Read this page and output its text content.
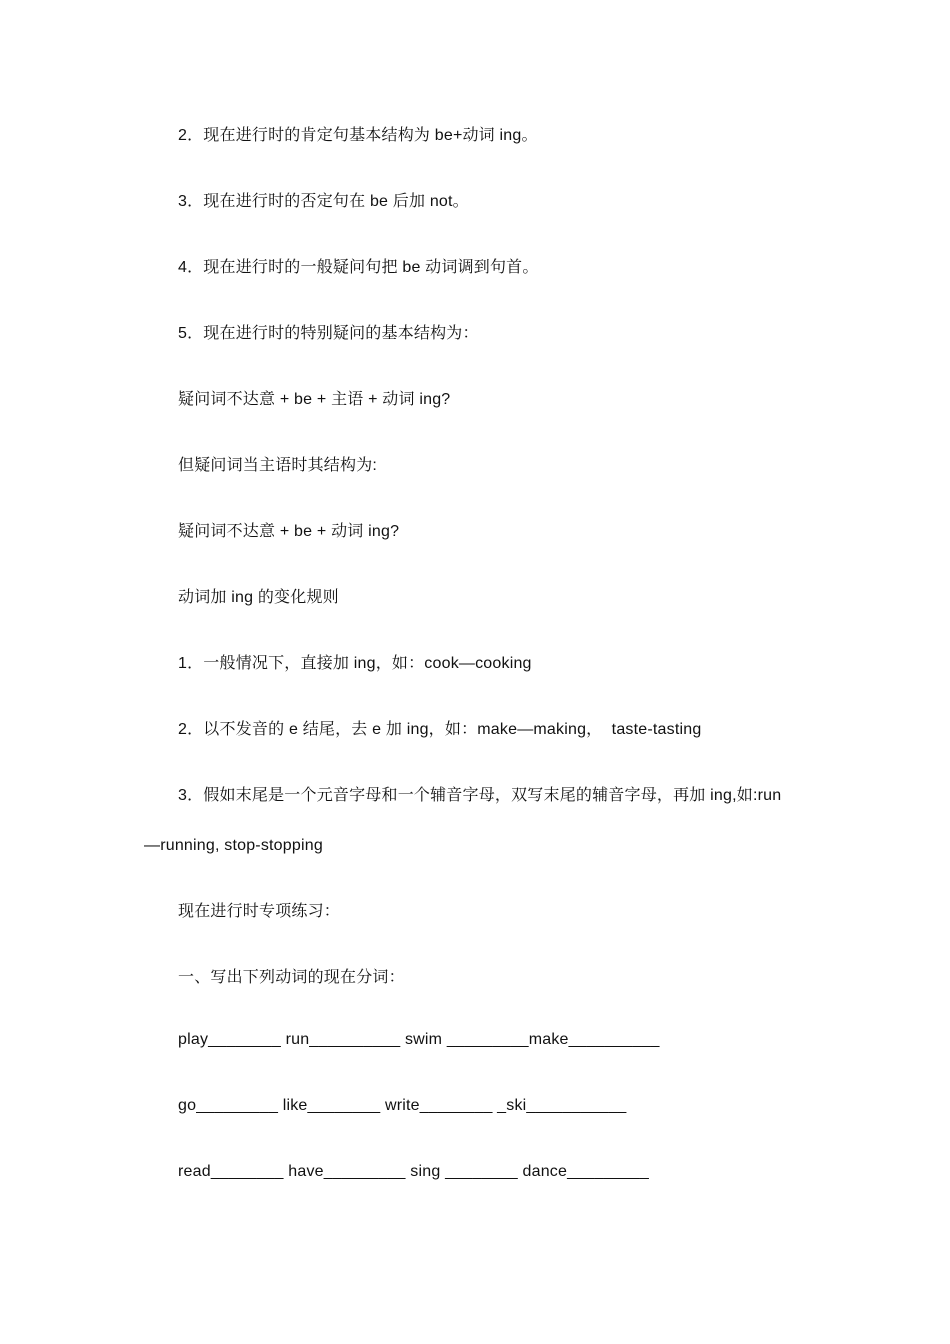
2．现在进行时的肯定句基本结构为 be+动词 ing。
3．现在进行时的否定句在 be 后加 not。
4．现在进行时的一般疑问句把 be 动词调到句首。
5．现在进行时的特别疑问的基本结构为：
疑问词不达意 + be + 主语 + 动词 ing?
但疑问词当主语时其结构为:
疑问词不达意 + be + 动词 ing?
动词加 ing 的变化规则
1．一般情况下，直接加 ing，如：cook—cooking
2．以不发音的 e 结尾，去 e 加 ing，如：make—making，  taste-tasting
3．假如末尾是一个元音字母和一个辅音字母，双写末尾的辅音字母，再加 ing,如:run
—running, stop-stopping
现在进行时专项练习：
一、写出下列动词的现在分词：
play________ run__________ swim _________make__________
go_________ like________ write________ _ski___________
read________ have_________ sing ________ dance_________
